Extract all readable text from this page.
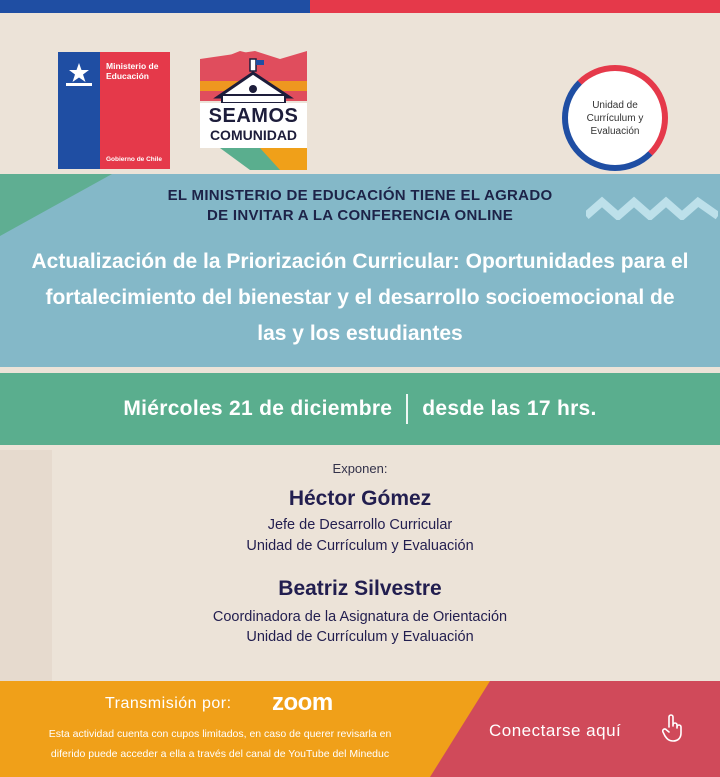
Ministerio de Educación
Gobierno de Chile
SEAMOS
COMUNIDAD
Unidad de
Currículum y
Evaluación
EL MINISTERIO DE EDUCACIÓN TIENE EL AGRADO
DE INVITAR A LA CONFERENCIA ONLINE
Actualización de la Priorización Curricular: Oportunidades para el fortalecimiento del bienestar y el desarrollo socioemocional de las y los estudiantes
Miércoles 21 de diciembre desde las 17 hrs.
Exponen:
Héctor Gómez
Jefe de Desarrollo Curricular
Unidad de Currículum y Evaluación
Beatriz Silvestre
Coordinadora de la Asignatura de Orientación
Unidad de Currículum y Evaluación
Transmisión por: zoom
Esta actividad cuenta con cupos limitados, en caso de querer revisarla en
diferido puede acceder a ella a través del canal de YouTube del Mineduc
Conectarse aquí
